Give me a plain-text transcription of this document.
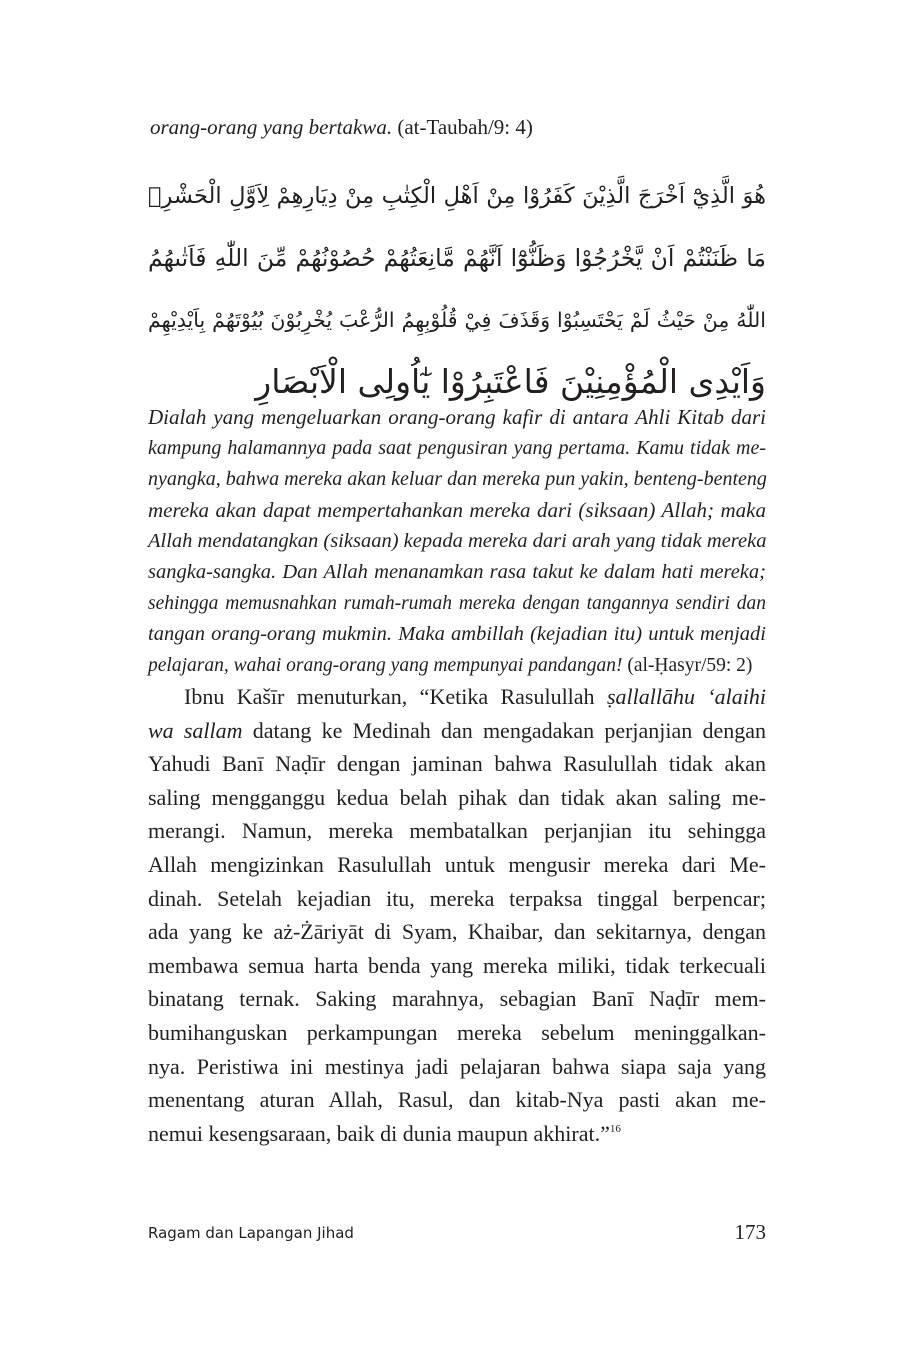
orang-orang yang bertakwa. (at-Taubah/9: 4)
هُوَ الَّذِيْٓ اَخْرَجَ الَّذِيْنَ كَفَرُوْا مِنْ اَهْلِ الْكِتٰبِ مِنْ دِيَارِهِمْ لِاَوَّلِ الْحَشْرِۗ
مَا ظَنَنْتُمْ اَنْ يَّخْرُجُوْا وَظَنُّوْٓا اَنَّهُمْ مَّانِعَتُهُمْ حُصُوْنُهُمْ مِّنَ اللّٰهِ فَاَتٰىهُمُ
اللّٰهُ مِنْ حَيْثُ لَمْ يَحْتَسِبُوْا وَقَذَفَ فِيْ قُلُوْبِهِمُ الرُّعْبَ يُخْرِبُوْنَ بُيُوْتَهُمْ بِاَيْدِيْهِمْ
وَاَيْدِى الْمُؤْمِنِيْنَ فَاعْتَبِرُوْا يٰٓاُولِى الْاَبْصَارِ
Dialah yang mengeluarkan orang-orang kafir di antara Ahli Kitab dari
kampung halamannya pada saat pengusiran yang pertama. Kamu tidak me-
nyangka, bahwa mereka akan keluar dan mereka pun yakin, benteng-benteng
mereka akan dapat mempertahankan mereka dari (siksaan) Allah; maka
Allah mendatangkan (siksaan) kepada mereka dari arah yang tidak mereka
sangka-sangka. Dan Allah menanamkan rasa takut ke dalam hati mereka;
sehingga memusnahkan rumah-rumah mereka dengan tangannya sendiri dan
tangan orang-orang mukmin. Maka ambillah (kejadian itu) untuk menjadi
pelajaran, wahai orang-orang yang mempunyai pandangan! (al-Ḥasyr/59: 2)
Ibnu Kašīr menuturkan, “Ketika Rasulullah ṣallallāhu ‘alaihi
wa sallam datang ke Medinah dan mengadakan perjanjian dengan
Yahudi Banī Naḍīr dengan jaminan bahwa Rasulullah tidak akan
saling mengganggu kedua belah pihak dan tidak akan saling me-
merangi. Namun, mereka membatalkan perjanjian itu sehingga
Allah mengizinkan Rasulullah untuk mengusir mereka dari Me-
dinah. Setelah kejadian itu, mereka terpaksa tinggal berpencar;
ada yang ke aż-Żāriyāt di Syam, Khaibar, dan sekitarnya, dengan
membawa semua harta benda yang mereka miliki, tidak terkecuali
binatang ternak. Saking marahnya, sebagian Banī Naḍīr mem-
bumihanguskan perkampungan mereka sebelum meninggalkan-
nya. Peristiwa ini mestinya jadi pelajaran bahwa siapa saja yang
menentang aturan Allah, Rasul, dan kitab-Nya pasti akan me-
nemui kesengsaraan, baik di dunia maupun akhirat.”$^{16}$
Ragam dan Lapangan Jihad	173
